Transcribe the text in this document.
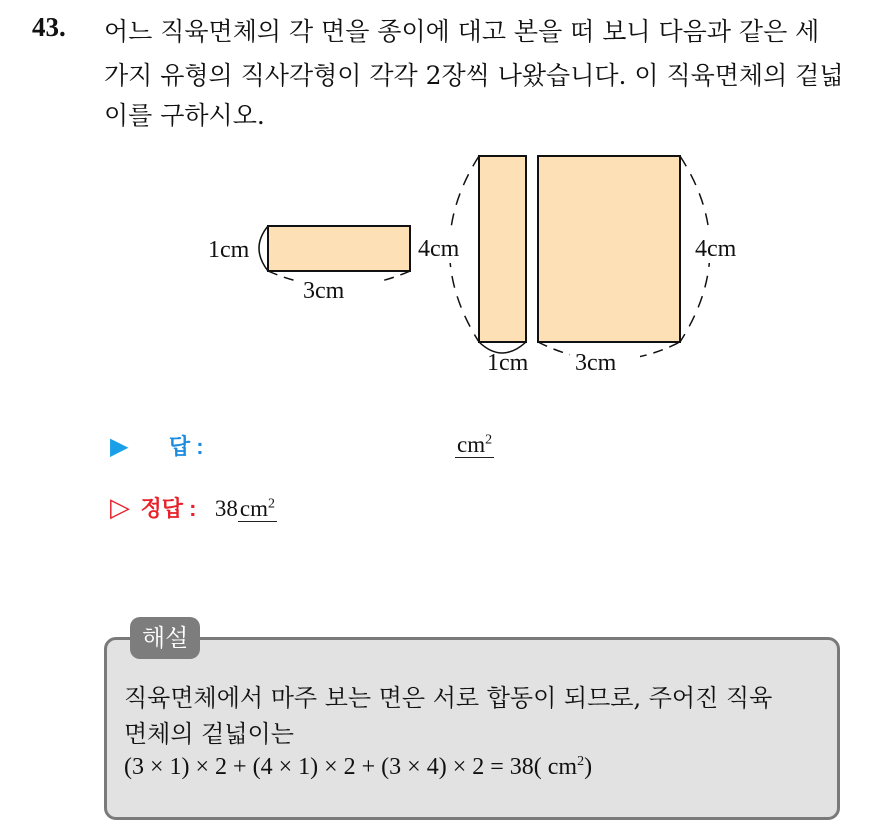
43. 어느 직육면체의 각 면을 종이에 대고 본을 떠 보니 다음과 같은 세
가지 유형의 직사각형이 각각 2장씩 나왔습니다. 이 직육면체의 겉넓
이를 구하시오.
1cm
3cm
4cm
1cm
4cm
3cm
▶ 답 :	$cm^2$
▷ 정답 : $38cm^2$
해설
직육면체에서 마주 보는 면은 서로 합동이 되므로, 주어진 직육
면체의 겉넓이는
(3 × 1) × 2 + (4 × 1) × 2 + (3 × 4) × 2 = 38( $cm^2$)
